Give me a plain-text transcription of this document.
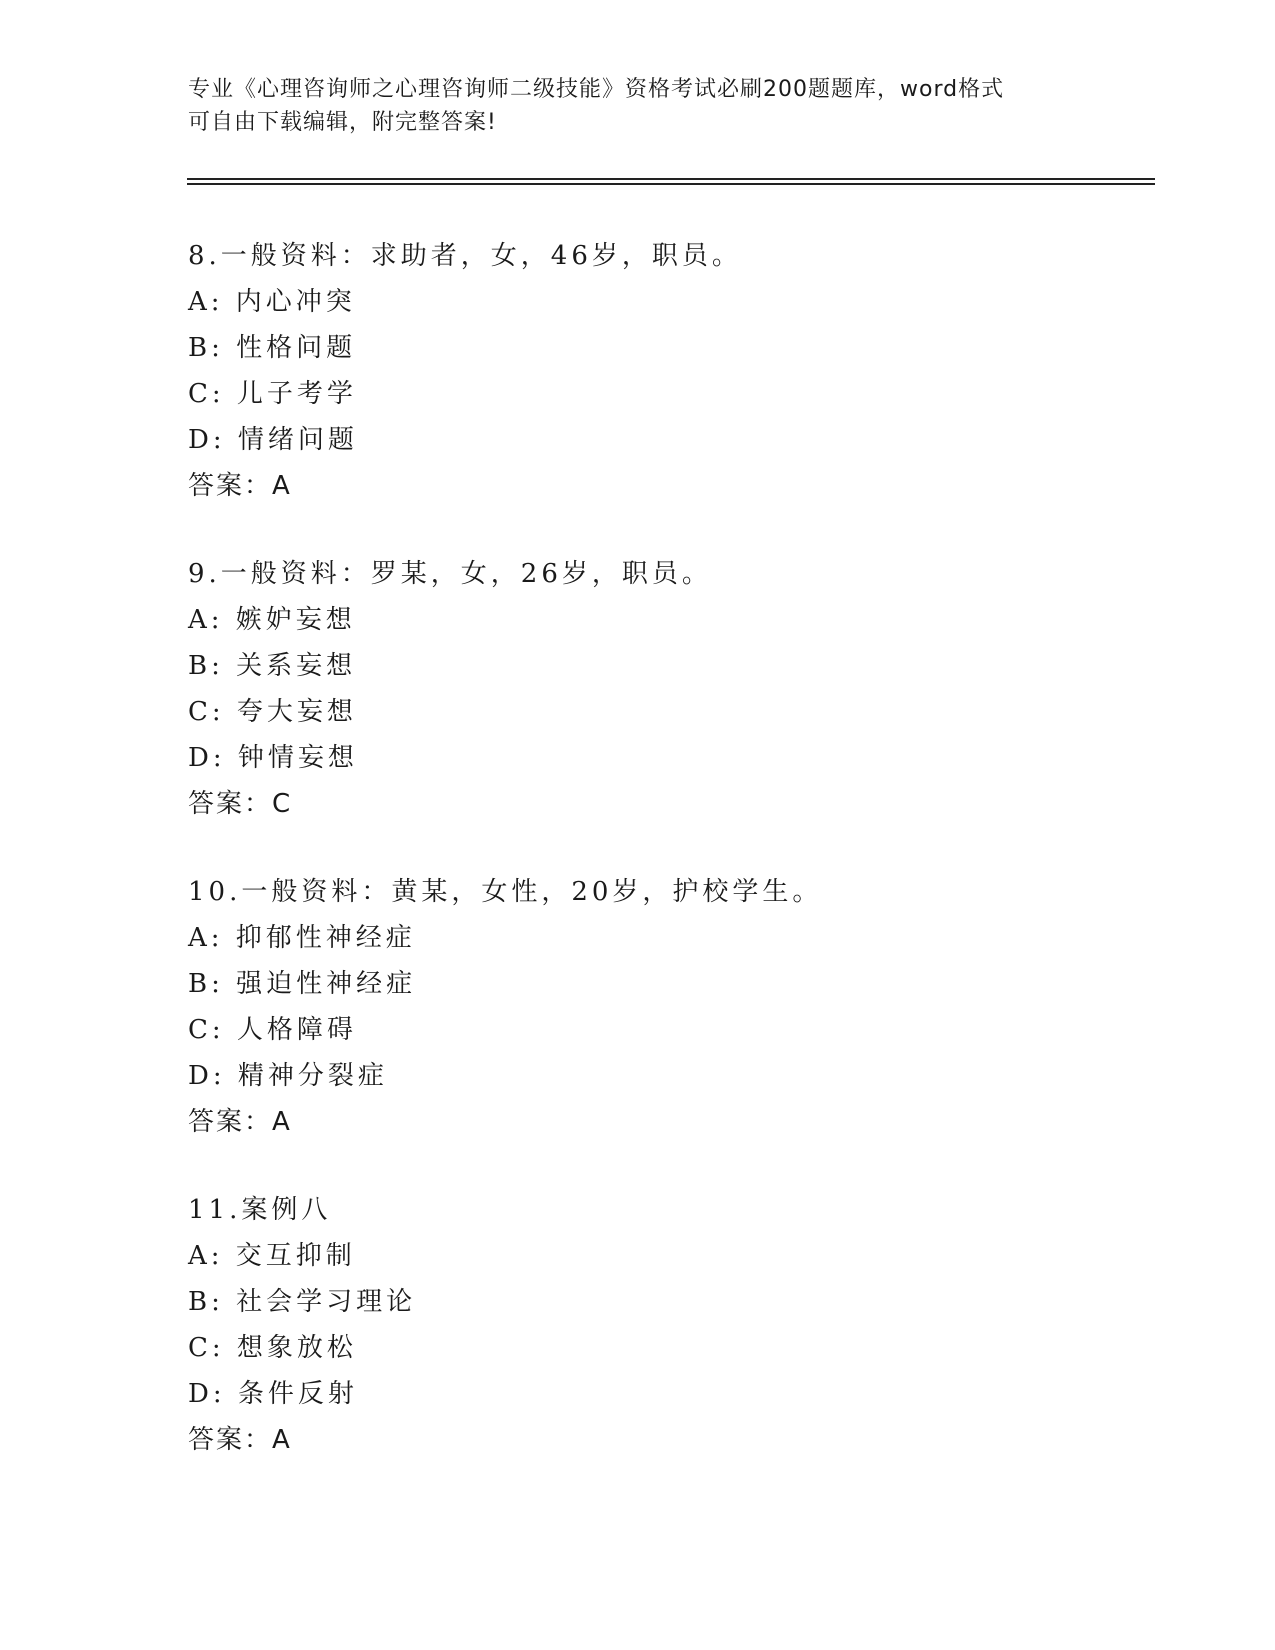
专业《心理咨询师之心理咨询师二级技能》资格考试必刷200题题库，word格式
可自由下载编辑，附完整答案!
8.一般资料：求助者，女，46岁，职员。
A: 内心冲突
B: 性格问题
C: 儿子考学
D: 情绪问题
答案：A
9.一般资料：罗某，女，26岁，职员。
A: 嫉妒妄想
B: 关系妄想
C: 夸大妄想
D: 钟情妄想
答案：C
10.一般资料：黄某，女性，20岁，护校学生。
A: 抑郁性神经症
B: 强迫性神经症
C: 人格障碍
D: 精神分裂症
答案：A
11.案例八
A: 交互抑制
B: 社会学习理论
C: 想象放松
D: 条件反射
答案：A
